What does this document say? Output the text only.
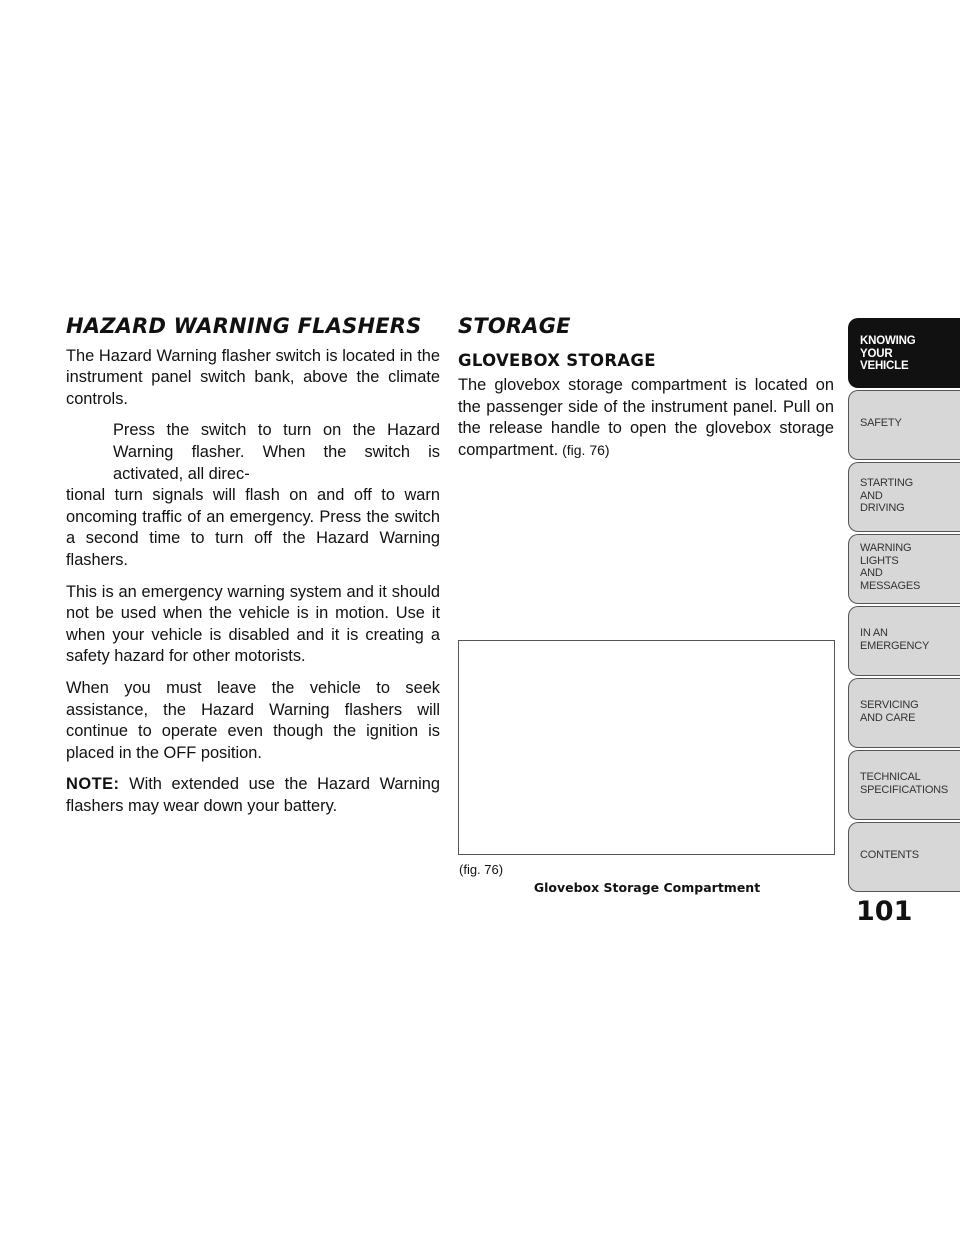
HAZARD WARNING FLASHERS

The Hazard Warning flasher switch is located in the instrument panel switch bank, above the climate controls.

Press the switch to turn on the Hazard Warning flasher. When the switch is activated, all direc-

tional turn signals will flash on and off to warn oncoming traffic of an emergency. Press the switch a second time to turn off the Hazard Warning flashers.

This is an emergency warning system and it should not be used when the vehicle is in motion. Use it when your vehicle is disabled and it is creating a safety hazard for other motorists.

When you must leave the vehicle to seek assistance, the Hazard Warning flashers will continue to operate even though the ignition is placed in the OFF position.

NOTE: With extended use the Hazard Warning flashers may wear down your battery.

STORAGE
GLOVEBOX STORAGE

The glovebox storage compartment is located on the passenger side of the instrument panel. Pull on the release handle to open the glovebox storage compartment. (fig. 76)

(fig. 76)
Glovebox Storage Compartment
KNOWING
YOUR
VEHICLE
SAFETY
STARTING
AND
DRIVING
WARNING
LIGHTS
AND
MESSAGES
IN AN
EMERGENCY
SERVICING
AND CARE
TECHNICAL
SPECIFICATIONS
CONTENTS
101
